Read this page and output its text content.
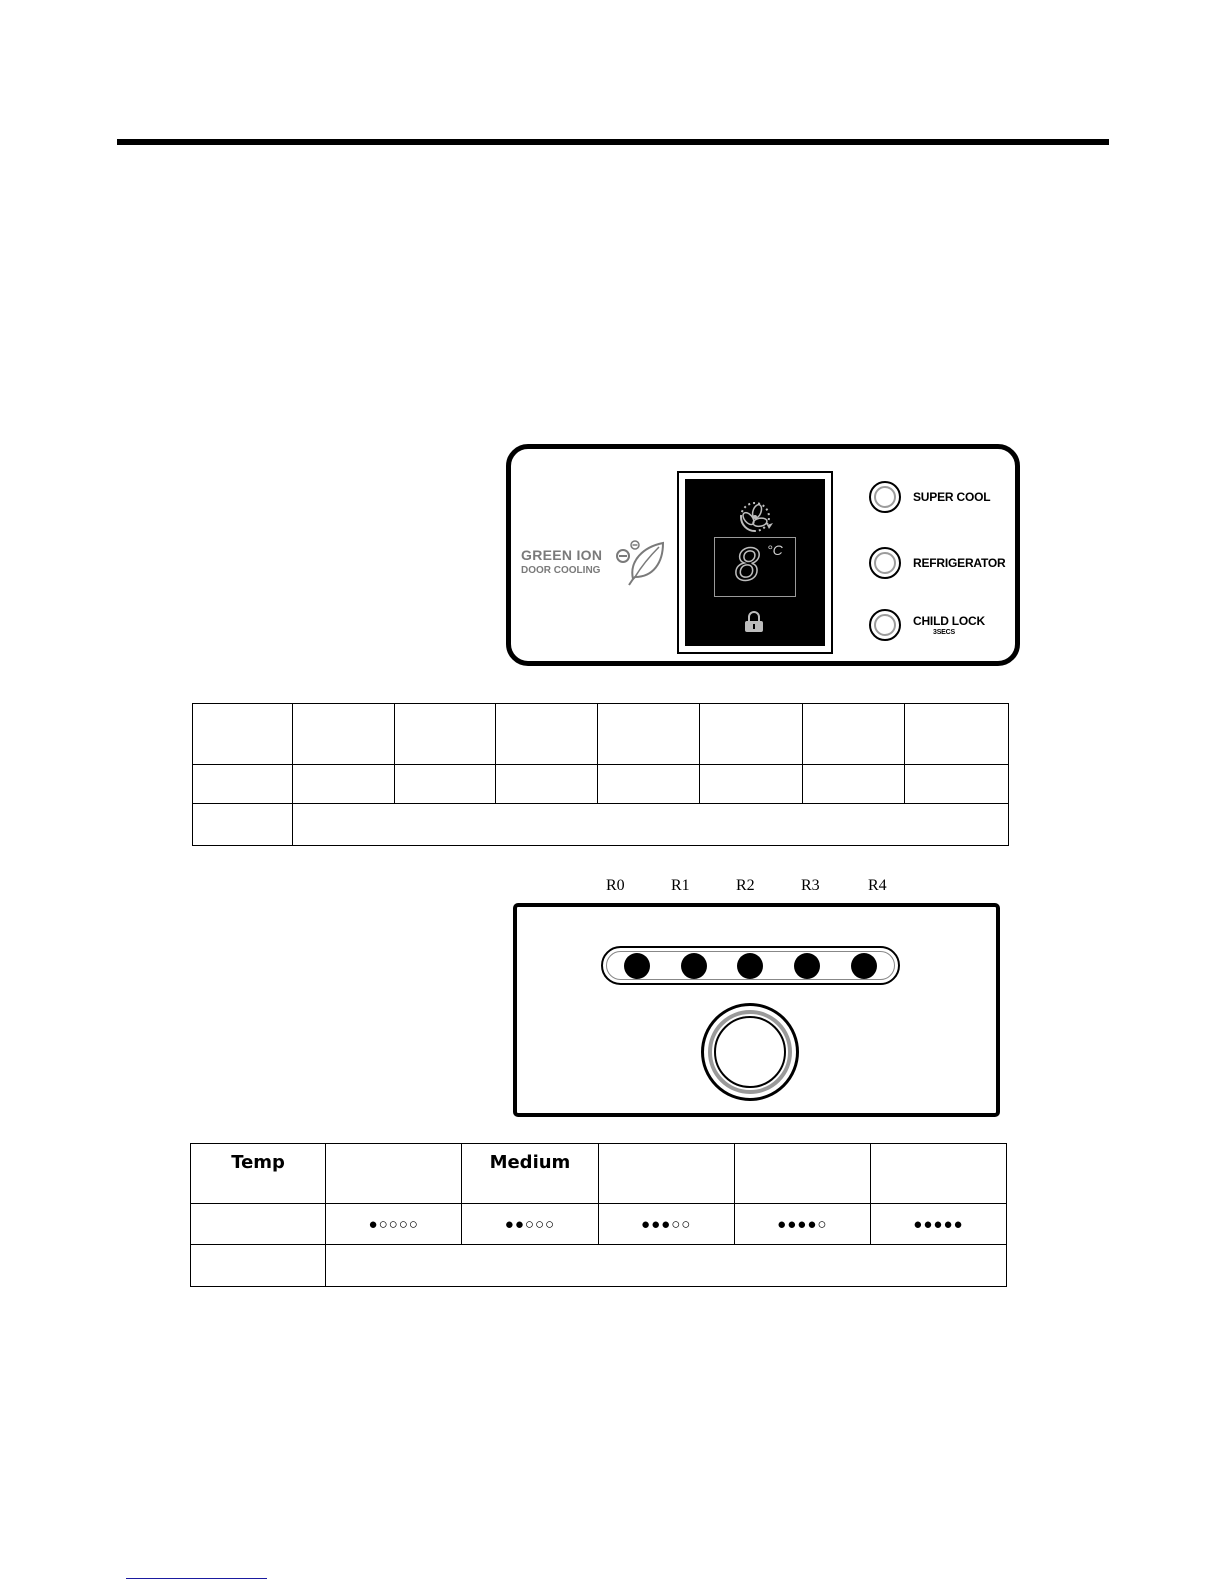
GREEN ION
DOOR COOLING	8 °C
SUPER COOL
REFRIGERATOR
CHILD LOCK
3SECS

R0	R1	R2	R3	R4
Temp		Medium			

	●○○○○	●●○○○	●●●○○	●●●●○	●●●●●
